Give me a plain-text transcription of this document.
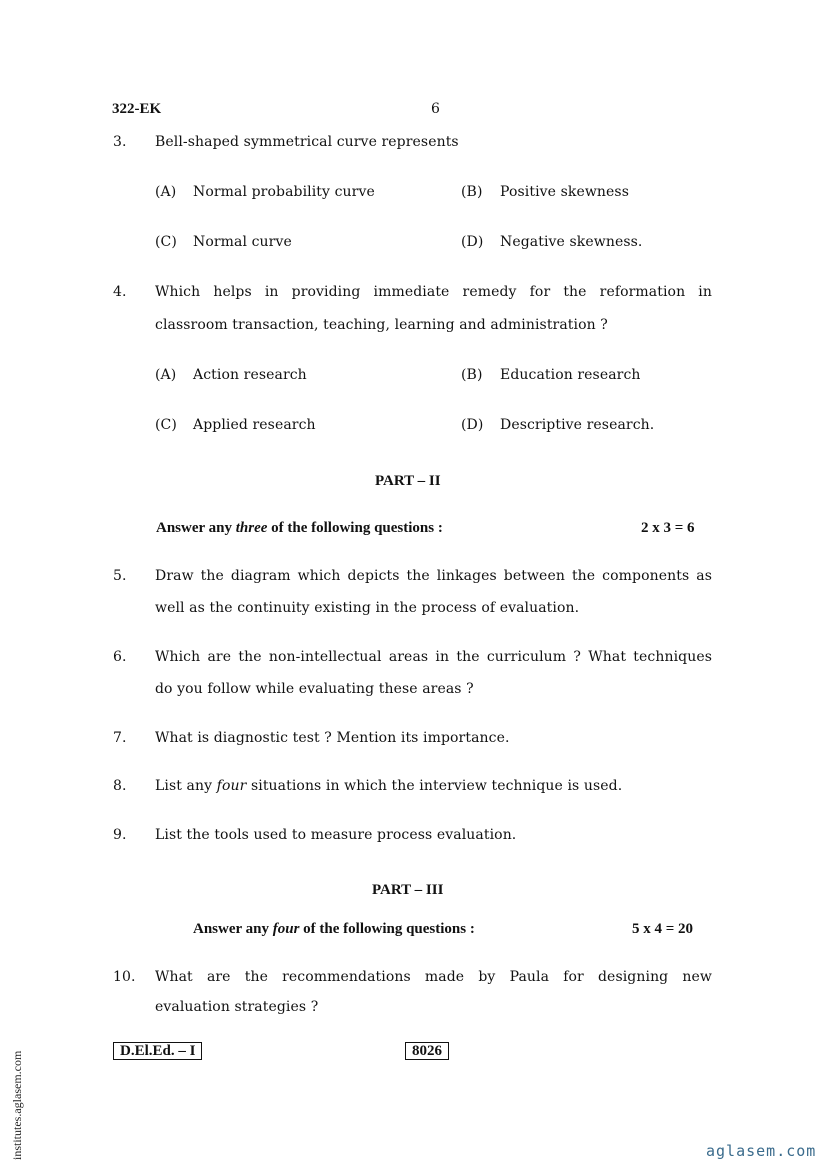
322-EK	6
3. Bell-shaped symmetrical curve represents
(A) Normal probability curve	(B) Positive skewness
(C) Normal curve	(D) Negative skewness.
4. Which helps in providing immediate remedy for the reformation in
classroom transaction, teaching, learning and administration ?
(A) Action research	(B) Education research
(C) Applied research	(D) Descriptive research.
PART – II
Answer any three of the following questions :	2 x 3 = 6
5. Draw the diagram which depicts the linkages between the components as
well as the continuity existing in the process of evaluation.
6. Which are the non-intellectual areas in the curriculum ? What techniques
do you follow while evaluating these areas ?
7. What is diagnostic test ? Mention its importance.
8. List any four situations in which the interview technique is used.
9. List the tools used to measure process evaluation.
PART – III
Answer any four of the following questions :	5 x 4 = 20
10. What are the recommendations made by Paula for designing new
evaluation strategies ?
D.El.Ed. – I	8026
institutes.aglasem.com	aglasem.com
